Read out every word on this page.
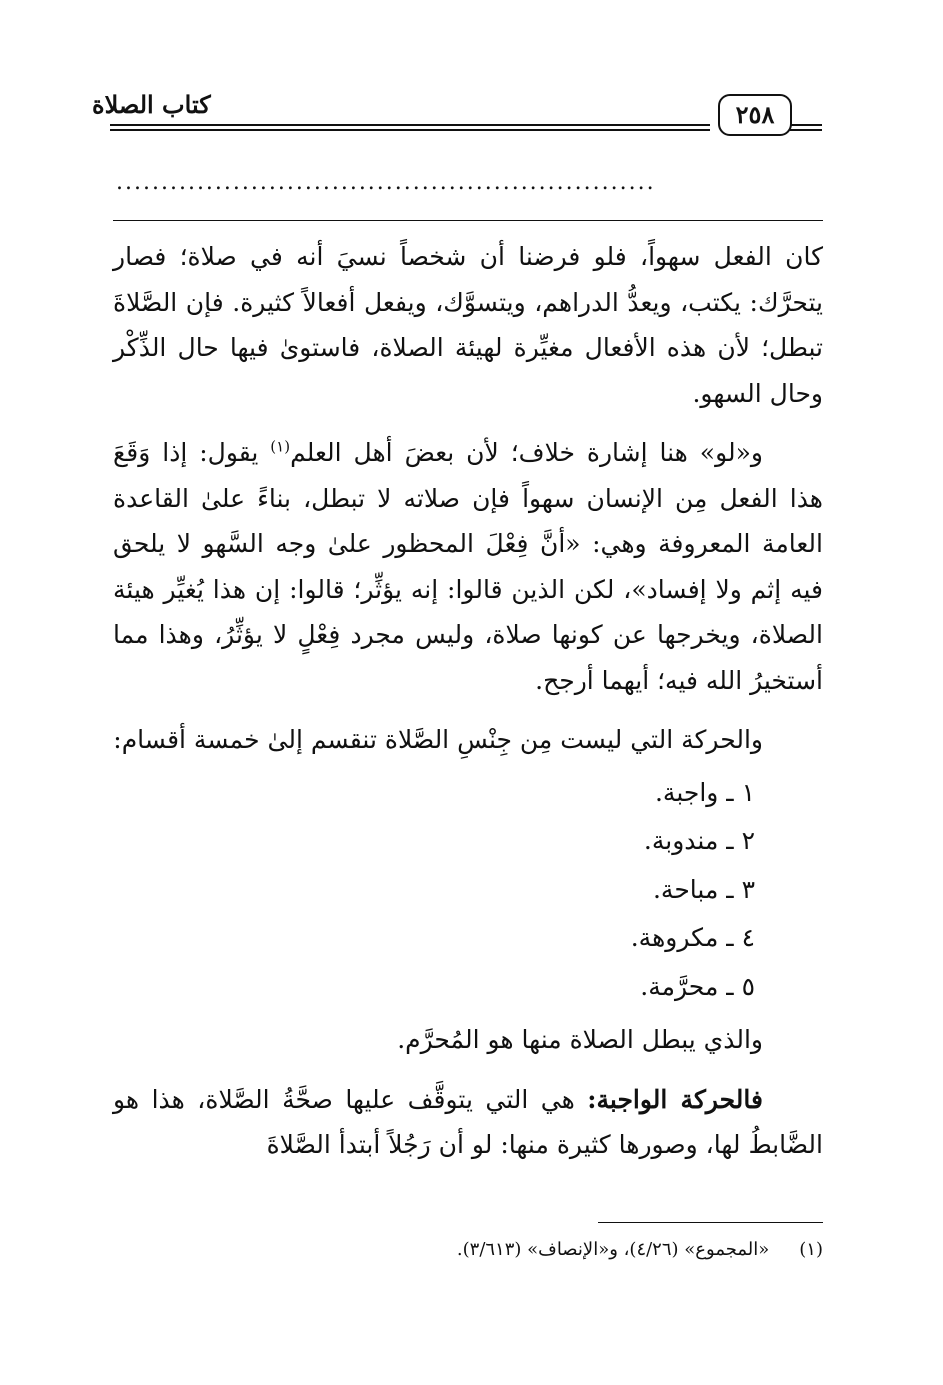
كتاب الصلاة	٢٥٨
............................................................

كان الفعل سهواً، فلو فرضنا أن شخصاً نسيَ أنه في صلاة؛ فصار يتحرَّك: يكتب، ويعدُّ الدراهم، ويتسوَّك، ويفعل أفعالاً كثيرة. فإن الصَّلاةَ تبطل؛ لأن هذه الأفعال مغيِّرة لهيئة الصلاة، فاستوىٰ فيها حال الذِّكْر وحال السهو.

و«لو» هنا إشارة خلاف؛ لأن بعضَ أهل العلم$^{(١)}$ يقول: إذا وَقَعَ هذا الفعل مِن الإنسان سهواً فإن صلاته لا تبطل، بناءً علىٰ القاعدة العامة المعروفة وهي: «أنَّ فِعْلَ المحظور علىٰ وجه السَّهو لا يلحق فيه إثم ولا إفساد»، لكن الذين قالوا: إنه يؤثِّر؛ قالوا: إن هذا يُغيِّر هيئة الصلاة، ويخرجها عن كونها صلاة، وليس مجرد فِعْلٍ لا يؤثِّرُ، وهذا مما أستخيرُ الله فيه؛ أيهما أرجح.

والحركة التي ليست مِن جِنْسِ الصَّلاة تنقسم إلىٰ خمسة أقسام:

١ ـ واجبة.
٢ ـ مندوبة.
٣ ـ مباحة.
٤ ـ مكروهة.
٥ ـ محرَّمة.

والذي يبطل الصلاة منها هو المُحرَّم.

فالحركة الواجبة: هي التي يتوقَّف عليها صحَّةُ الصَّلاة، هذا هو الضَّابطُ لها، وصورها كثيرة منها: لو أن رَجُلاً أبتدأ الصَّلاةَ

(١)«المجموع» (٤/٢٦)، و«الإنصاف» (٣/٦١٣).
